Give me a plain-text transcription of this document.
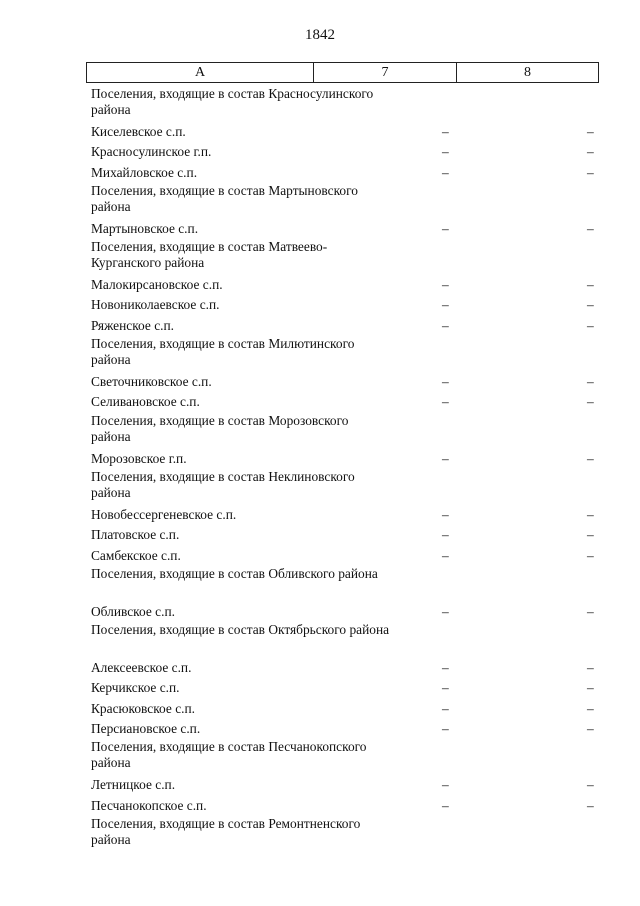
1842
А	7	8
Поселения, входящие в состав Красносулинского района
Киселевское с.п.	–	–
Красносулинское г.п.	–	–
Михайловское с.п.	–	–
Поселения, входящие в состав Мартыновского района
Мартыновское с.п.	–	–
Поселения, входящие в состав Матвеево-Курганского района
Малокирсановское с.п.	–	–
Новониколаевское с.п.	–	–
Ряженское с.п.	–	–
Поселения, входящие в состав Милютинского района
Светочниковское с.п.	–	–
Селивановское с.п.	–	–
Поселения, входящие в состав Морозовского района
Морозовское г.п.	–	–
Поселения, входящие в состав Неклиновского района
Новобессергеневское с.п.	–	–
Платовское с.п.	–	–
Самбекское с.п.	–	–
Поселения, входящие в состав Обливского района
Обливское с.п.	–	–
Поселения, входящие в состав Октябрьского района
Алексеевское с.п.	–	–
Керчикское с.п.	–	–
Красюковское с.п.	–	–
Персиановское с.п.	–	–
Поселения, входящие в состав Песчанокопского района
Летницкое с.п.	–	–
Песчанокопское с.п.	–	–
Поселения, входящие в состав Ремонтненского района
